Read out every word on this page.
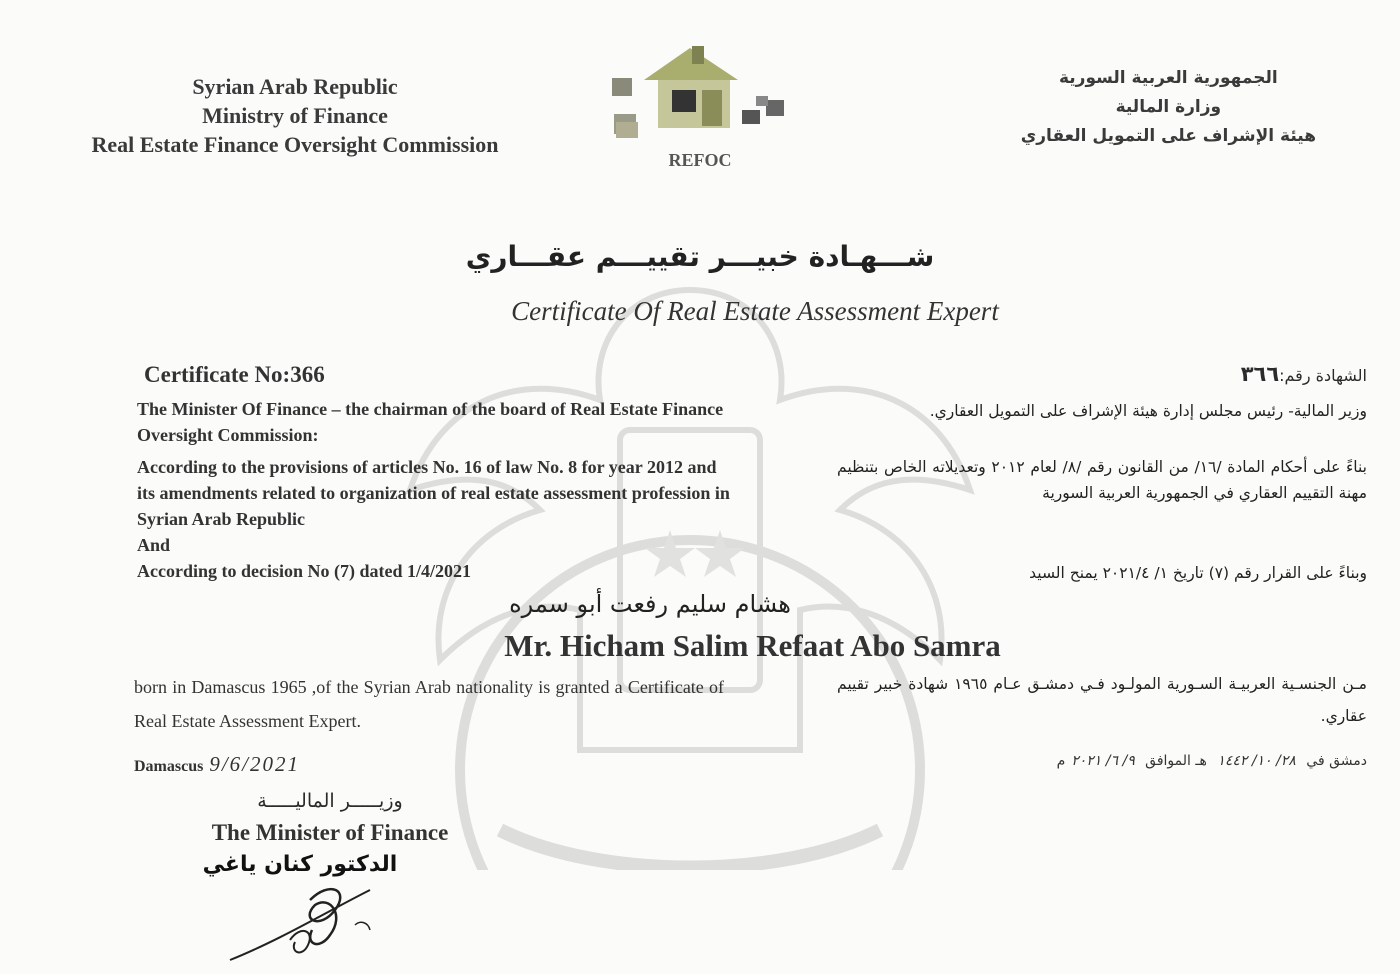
Syrian Arab Republic
Ministry of Finance
Real Estate Finance Oversight Commission
REFOC
الجمهورية العربية السورية
وزارة المالية
هيئة الإشراف على التمويل العقاري
شـــهـادة خبيـــر تقييـــم عقـــاري
Certificate Of Real Estate Assessment Expert
Certificate No:366	الشهادة رقم:٣٦٦
The Minister Of Finance – the chairman of the board of Real Estate Finance Oversight Commission:
According to the provisions of articles No. 16 of law No. 8 for year 2012 and its amendments related to organization of real estate assessment profession in Syrian Arab Republic
And
According to decision No (7) dated 1/4/2021
وزير المالية- رئيس مجلس إدارة هيئة الإشراف على التمويل العقاري.
بناءً على أحكام المادة /١٦/ من القانون رقم /٨/ لعام ٢٠١٢ وتعديلاته الخاص بتنظيم مهنة التقييم العقاري في الجمهورية العربية السورية
وبناءً على القرار رقم (٧) تاريخ ١/ ٢٠٢١/٤ يمنح السيد
هشام سليم رفعت أبو سمره
Mr. Hicham Salim Refaat Abo Samra
born in Damascus 1965 ,of the Syrian Arab nationality is granted a Certificate of Real Estate Assessment Expert.
مـن الجنسـية العربيـة السـورية المولـود فـي دمشـق عـام ١٩٦٥ شهادة خبير تقييم عقاري.
Damascus 9/6/2021	دمشق في ٢٨/ ١٠/ ١٤٤٢ هـ الموافق ٩/ ٦/ ٢٠٢١م
وزيـــــر الماليـــــة
The Minister of Finance
الدكتور كنان ياغي
